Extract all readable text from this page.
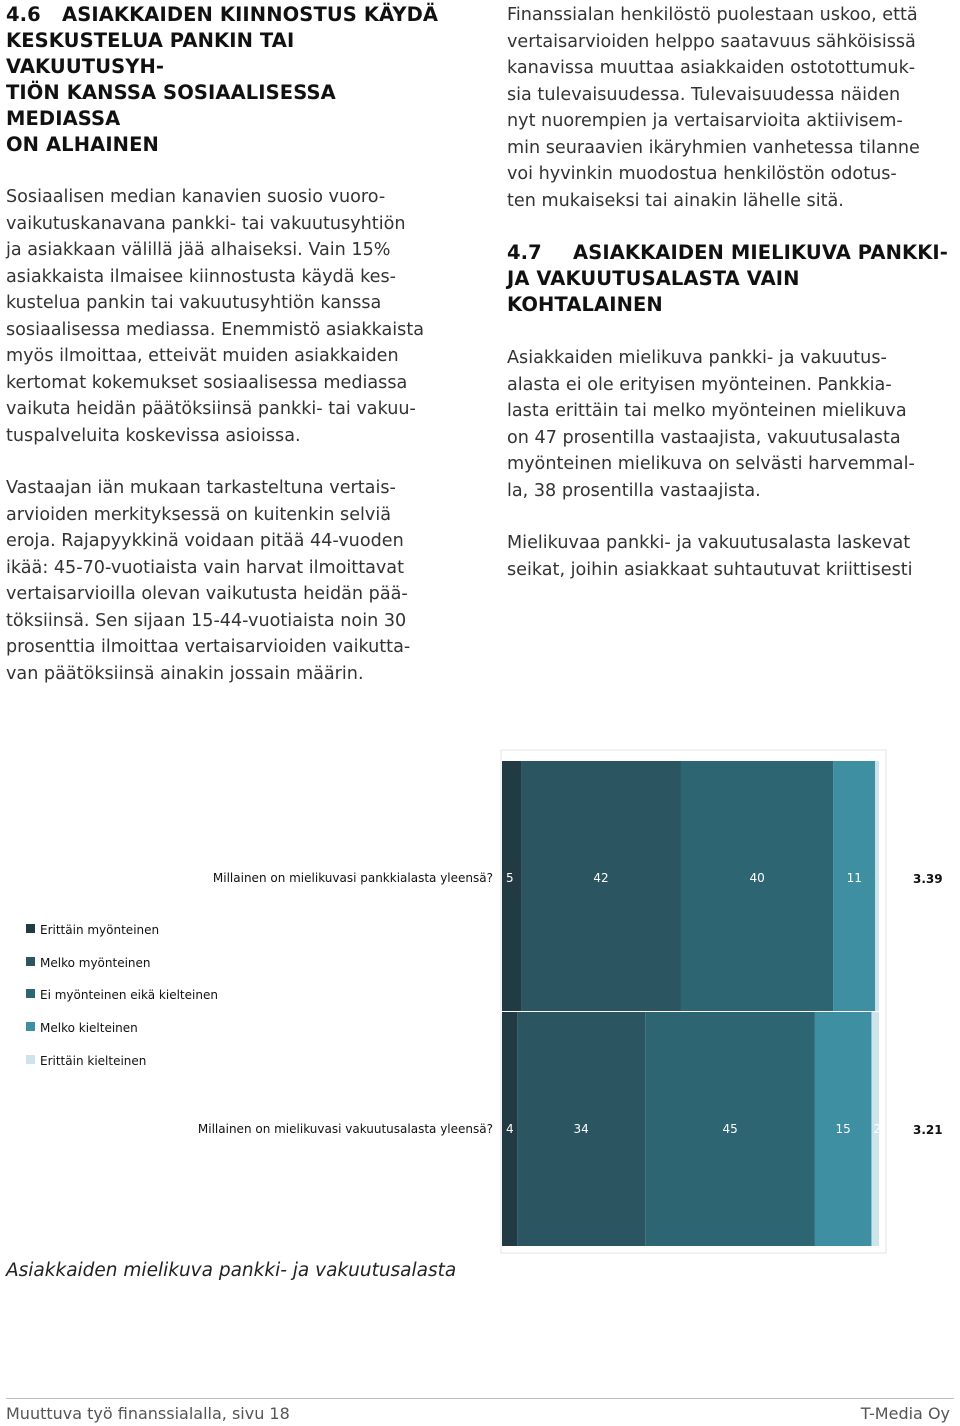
4.6 ASIAKKAIDEN KIINNOSTUS KÄYDÄ
KESKUSTELUA PANKIN TAI VAKUUTUSYH-
TIÖN KANSSA SOSIAALISESSA MEDIASSA
ON ALHAINEN
Sosiaalisen median kanavien suosio vuoro-
vaikutuskanavana pankki- tai vakuutusyhtiön
ja asiakkaan välillä jää alhaiseksi. Vain 15%
asiakkaista ilmaisee kiinnostusta käydä kes-
kustelua pankin tai vakuutusyhtiön kanssa
sosiaalisessa mediassa. Enemmistö asiakkaista
myös ilmoittaa, etteivät muiden asiakkaiden
kertomat kokemukset sosiaalisessa mediassa
vaikuta heidän päätöksiinsä pankki- tai vakuu-
tuspalveluita koskevissa asioissa.
Vastaajan iän mukaan tarkasteltuna vertais-
arvioiden merkityksessä on kuitenkin selviä
eroja. Rajapyykkinä voidaan pitää 44-vuoden
ikää: 45-70-vuotiaista vain harvat ilmoittavat
vertaisarvioilla olevan vaikutusta heidän pää-
töksiinsä. Sen sijaan 15-44-vuotiaista noin 30
prosenttia ilmoittaa vertaisarvioiden vaikutta-
van päätöksiinsä ainakin jossain määrin.
Finanssialan henkilöstö puolestaan uskoo, että
vertaisarvioiden helppo saatavuus sähköisissä
kanavissa muuttaa asiakkaiden ostotottumuk-
sia tulevaisuudessa. Tulevaisuudessa näiden
nyt nuorempien ja vertaisarvioita aktiivisem-
min seuraavien ikäryhmien vanhetessa tilanne
voi hyvinkin muodostua henkilöstön odotus-
ten mukaiseksi tai ainakin lähelle sitä.
4.7 ASIAKKAIDEN MIELIKUVA PANKKI-
JA VAKUUTUSALASTA VAIN KOHTALAINEN
Asiakkaiden mielikuva pankki- ja vakuutus-
alasta ei ole erityisen myönteinen. Pankkia-
lasta erittäin tai melko myönteinen mielikuva
on 47 prosentilla vastaajista, vakuutusalasta
myönteinen mielikuva on selvästi harvemmal-
la, 38 prosentilla vastaajista.
Mielikuvaa pankki- ja vakuutusalasta laskevat
seikat, joihin asiakkaat suhtautuvat kriittisesti
5	42	40	11 1
Millainen on mielikuvasi pankkialasta yleensä?	3.39
4	34	45	15 2
Millainen on mielikuvasi vakuutusalasta yleensä?	3.21
Erittäin myönteinen
Melko myönteinen
Ei myönteinen eikä kielteinen
Melko kielteinen
Erittäin kielteinen
Asiakkaiden mielikuva pankki- ja vakuutusalasta
Muuttuva työ finanssialalla, sivu 18	T-Media Oy
